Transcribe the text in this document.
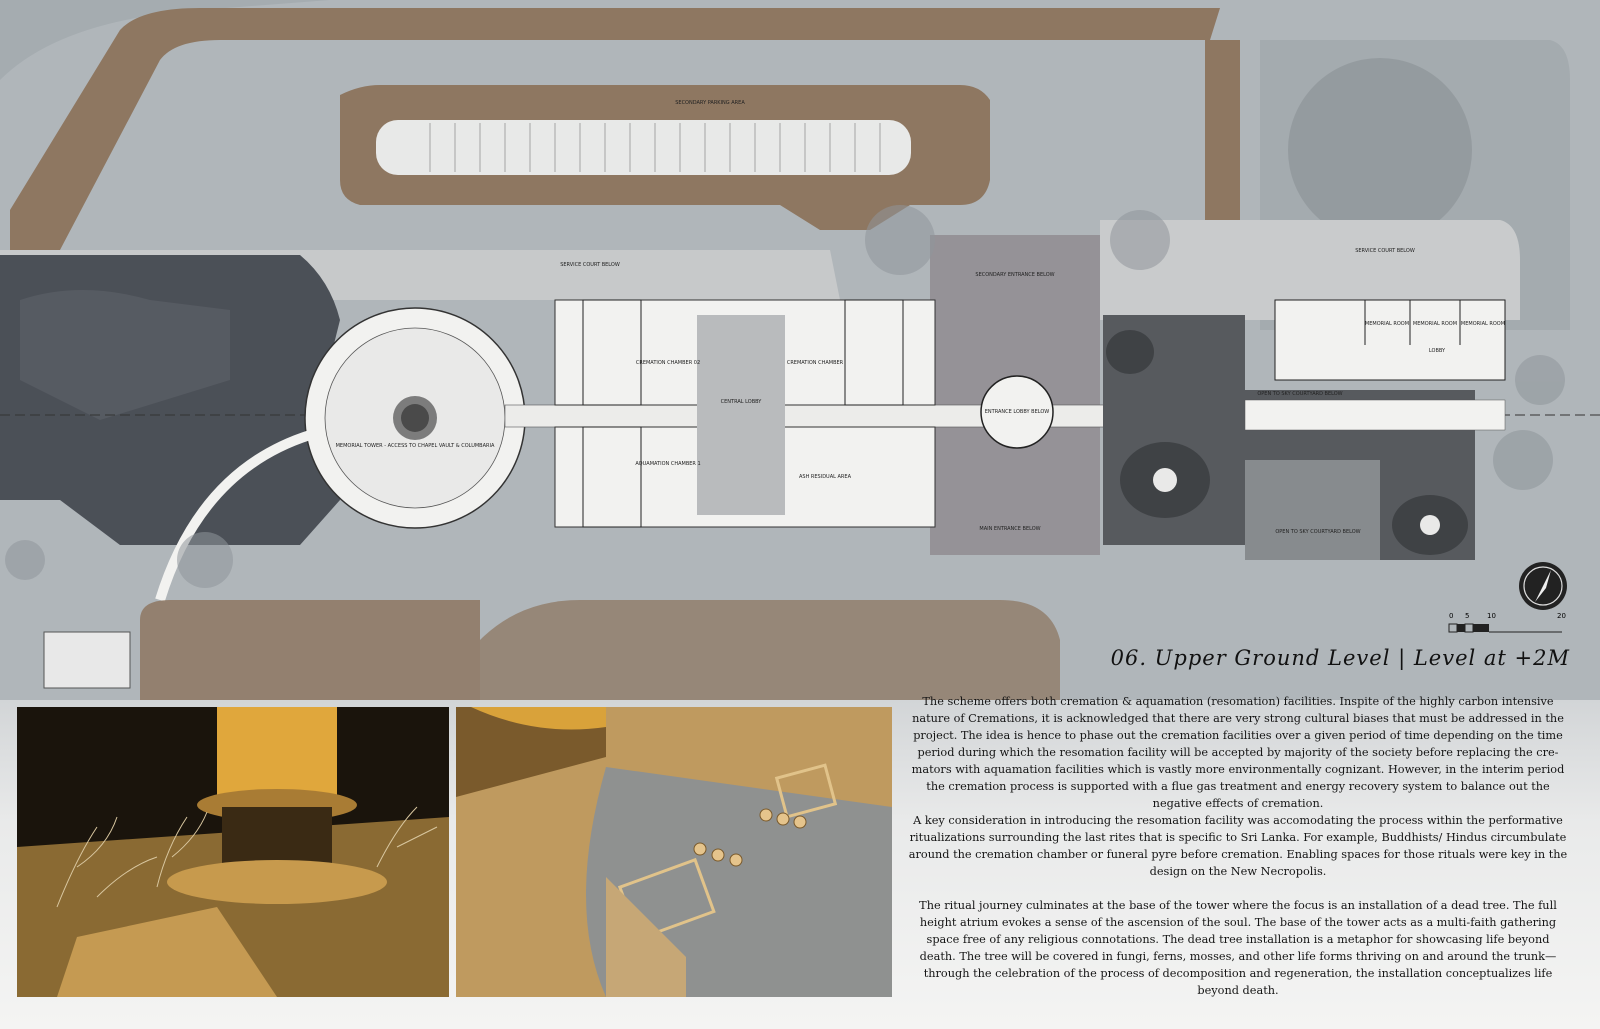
SECONDARY PARKING AREA
SERVICE COURT BELOW
SECONDARY ENTRANCE BELOW
SERVICE COURT BELOW
MEMORIAL TOWER - ACCESS TO CHAPEL VAULT & COLUMBARIA
CREMATION CHAMBER 02	CREMATION CHAMBER
CENTRAL LOBBY
AQUAMATION CHAMBER 1
ASH RESIDUAL AREA
ENTRANCE LOBBY BELOW
MAIN ENTRANCE BELOW
OPEN TO SKY COURTYARD BELOW
OPEN TO SKY COURTYARD BELOW
MEMORIAL ROOM MEMORIAL ROOM MEMORIAL ROOM
LOBBY
0 5	10	20
06. Upper Ground Level | Level at +2M

The scheme offers both cremation & aquamation (resomation) facilities. Inspite of the highly carbon intensive nature of Cremations, it is acknowledged that there are very strong cultural biases that must be addressed in the project. The idea is hence to phase out the cremation facilities over a given period of time depending on the time period during which the resomation facility will be accepted by majority of the society before replacing the cre-mators with aquamation facilities which is vastly more environmentally cognizant. However, in the interim period the cremation process is supported with a flue gas treatment and energy recovery system to balance out the negative effects of cremation.

A key consideration in introducing the resomation facility was accomodating the process within the performative ritualizations surrounding the last rites that is specific to Sri Lanka. For example, Buddhists/ Hindus circumbulate around the cremation chamber or funeral pyre before cremation. Enabling spaces for those rituals were key in the design on the New Necropolis.

The ritual journey culminates at the base of the tower where the focus is an installation of a dead tree. The full height atrium evokes a sense of the ascension of the soul. The base of the tower acts as a multi-faith gathering space free of any religious connotations. The dead tree installation is a metaphor for showcasing life beyond death. The tree will be covered in fungi, ferns, mosses, and other life forms thriving on and around the trunk— through the celebration of the process of decomposition and regeneration, the installation conceptualizes life beyond death.
